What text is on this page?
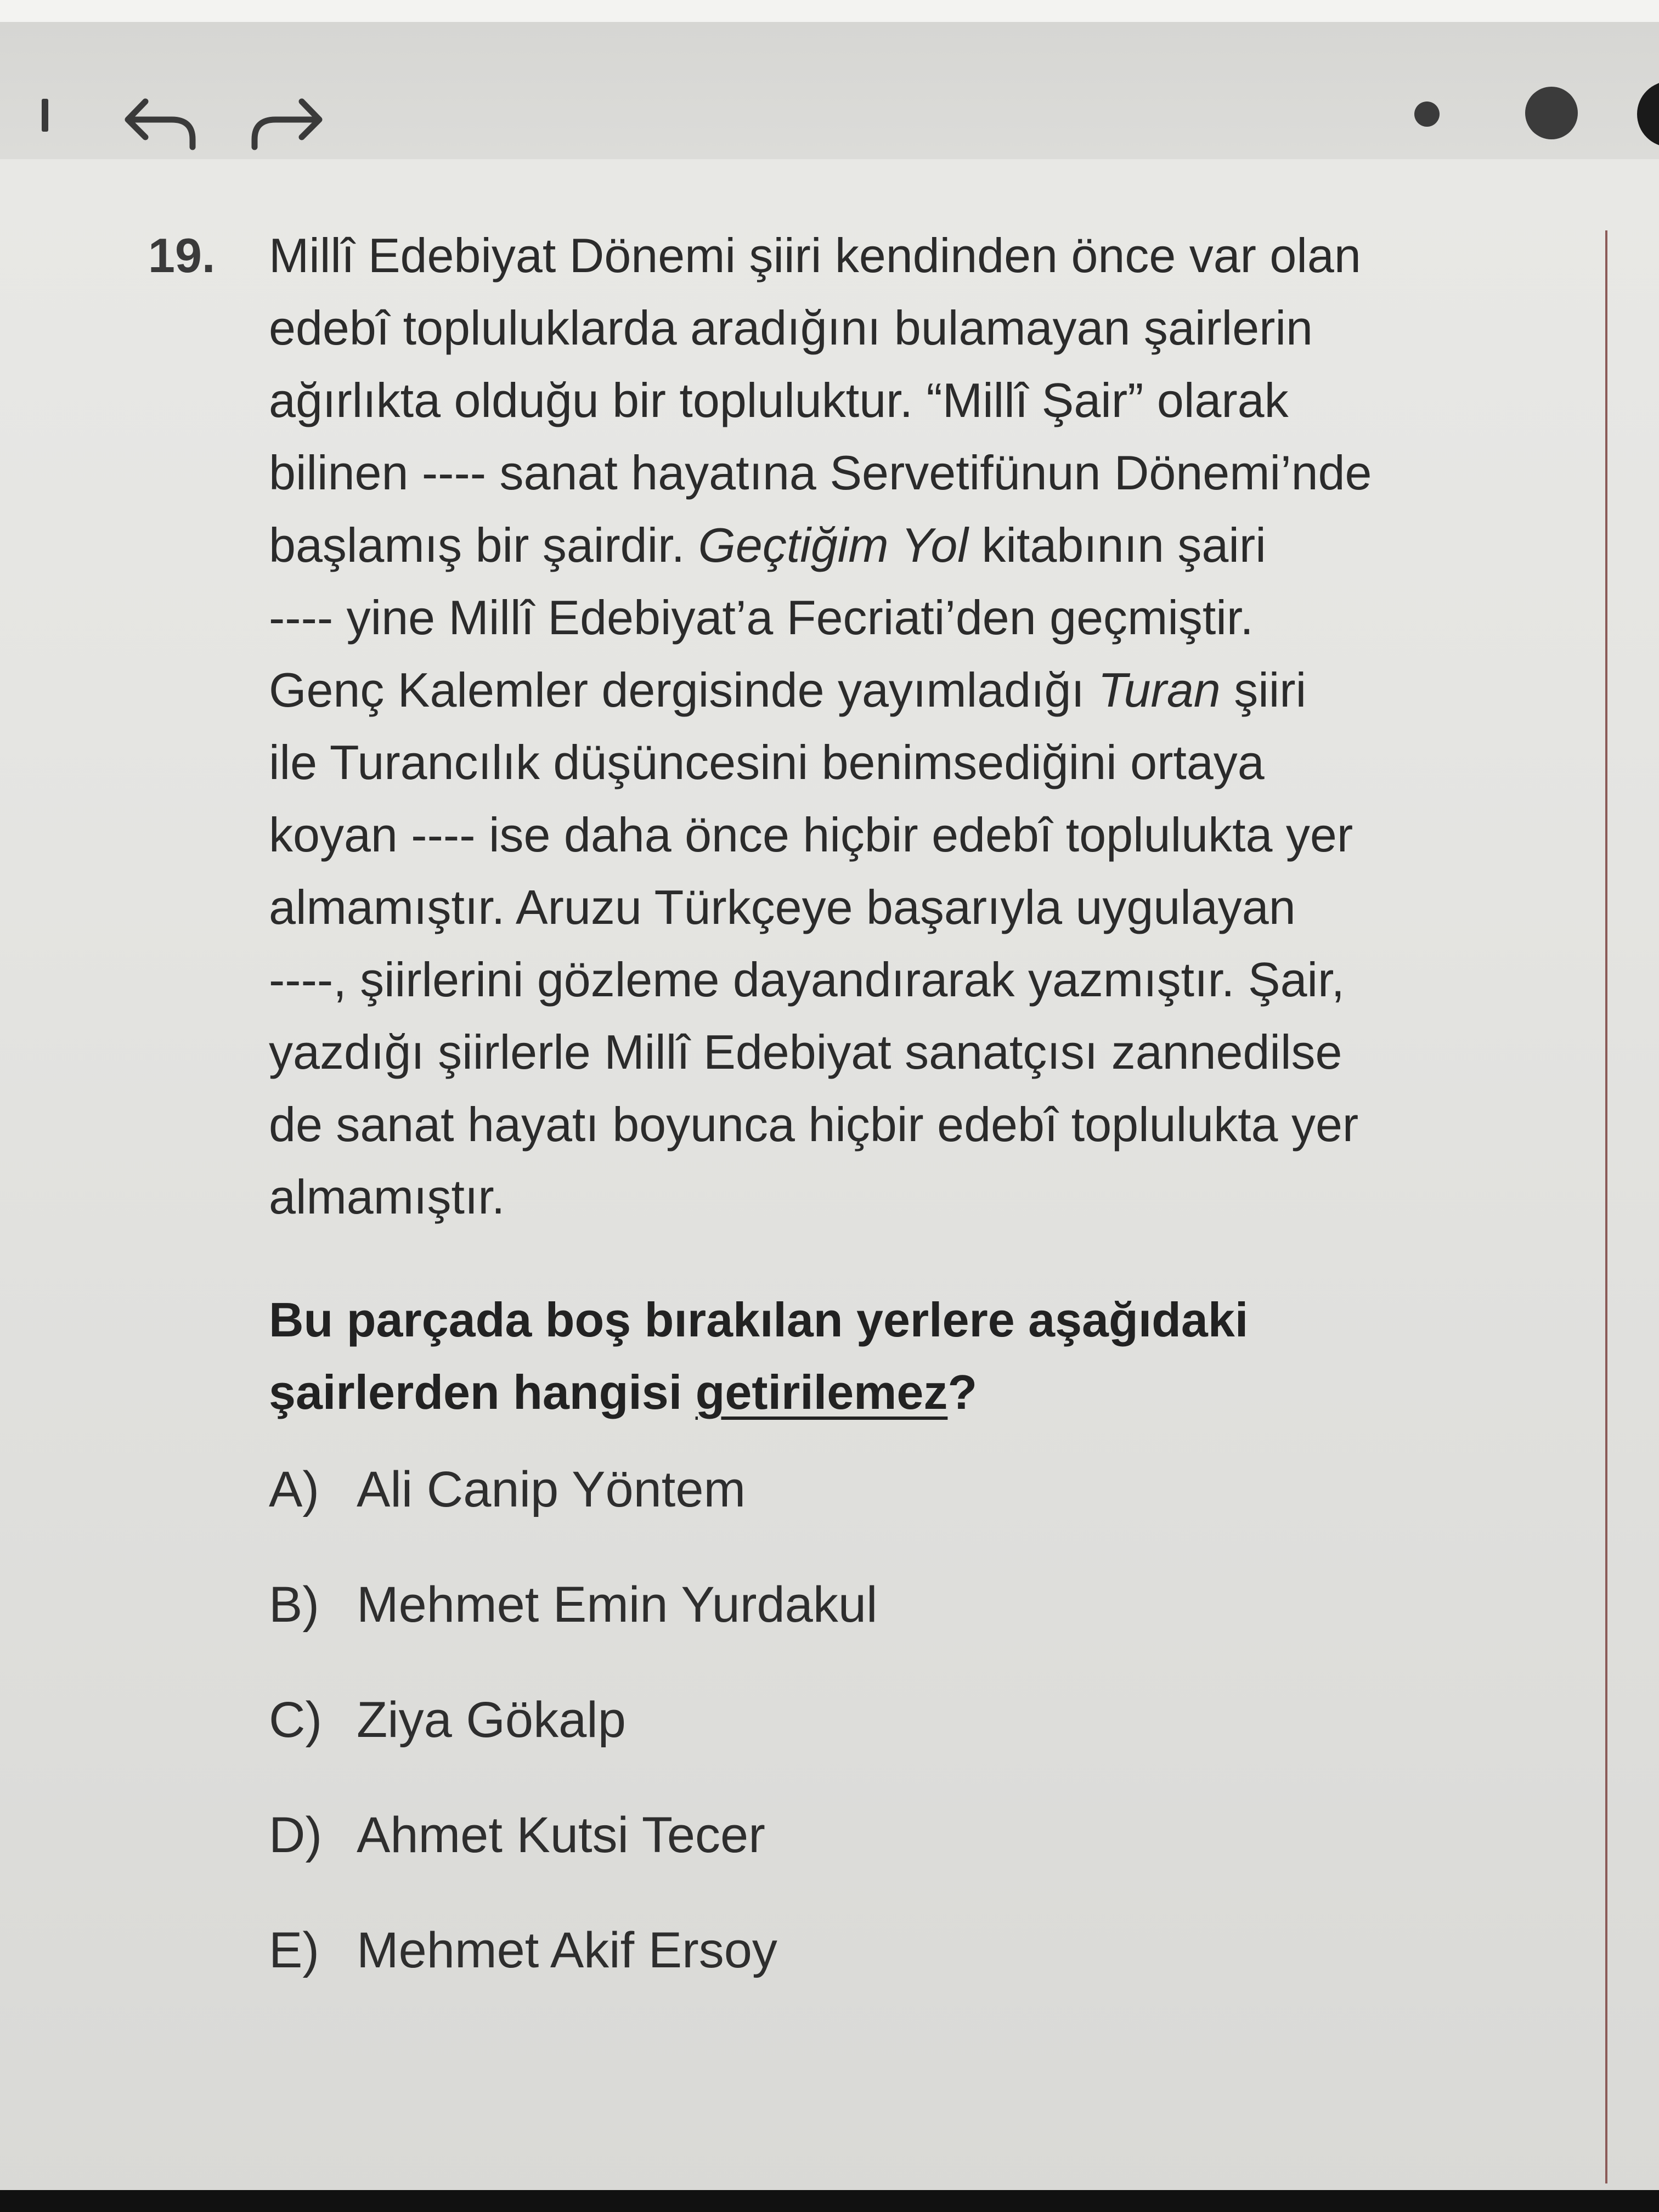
19. Millî Edebiyat Dönemi şiiri kendinden önce var olan
edebî topluluklarda aradığını bulamayan şairlerin
ağırlıkta olduğu bir topluluktur. “Millî Şair” olarak
bilinen ---- sanat hayatına Servetifünun Dönemi’nde
başlamış bir şairdir. Geçtiğim Yol kitabının şairi
---- yine Millî Edebiyat’a Fecriati’den geçmiştir.
Genç Kalemler dergisinde yayımladığı Turan şiiri
ile Turancılık düşüncesini benimsediğini ortaya
koyan ---- ise daha önce hiçbir edebî toplulukta yer
almamıştır. Aruzu Türkçeye başarıyla uygulayan
----, şiirlerini gözleme dayandırarak yazmıştır. Şair,
yazdığı şiirlerle Millî Edebiyat sanatçısı zannedilse
de sanat hayatı boyunca hiçbir edebî toplulukta yer
almamıştır.
Bu parçada boş bırakılan yerlere aşağıdaki
şairlerden hangisi getirilemez?
A) Ali Canip Yöntem
B) Mehmet Emin Yurdakul
C) Ziya Gökalp
D) Ahmet Kutsi Tecer
E) Mehmet Akif Ersoy
